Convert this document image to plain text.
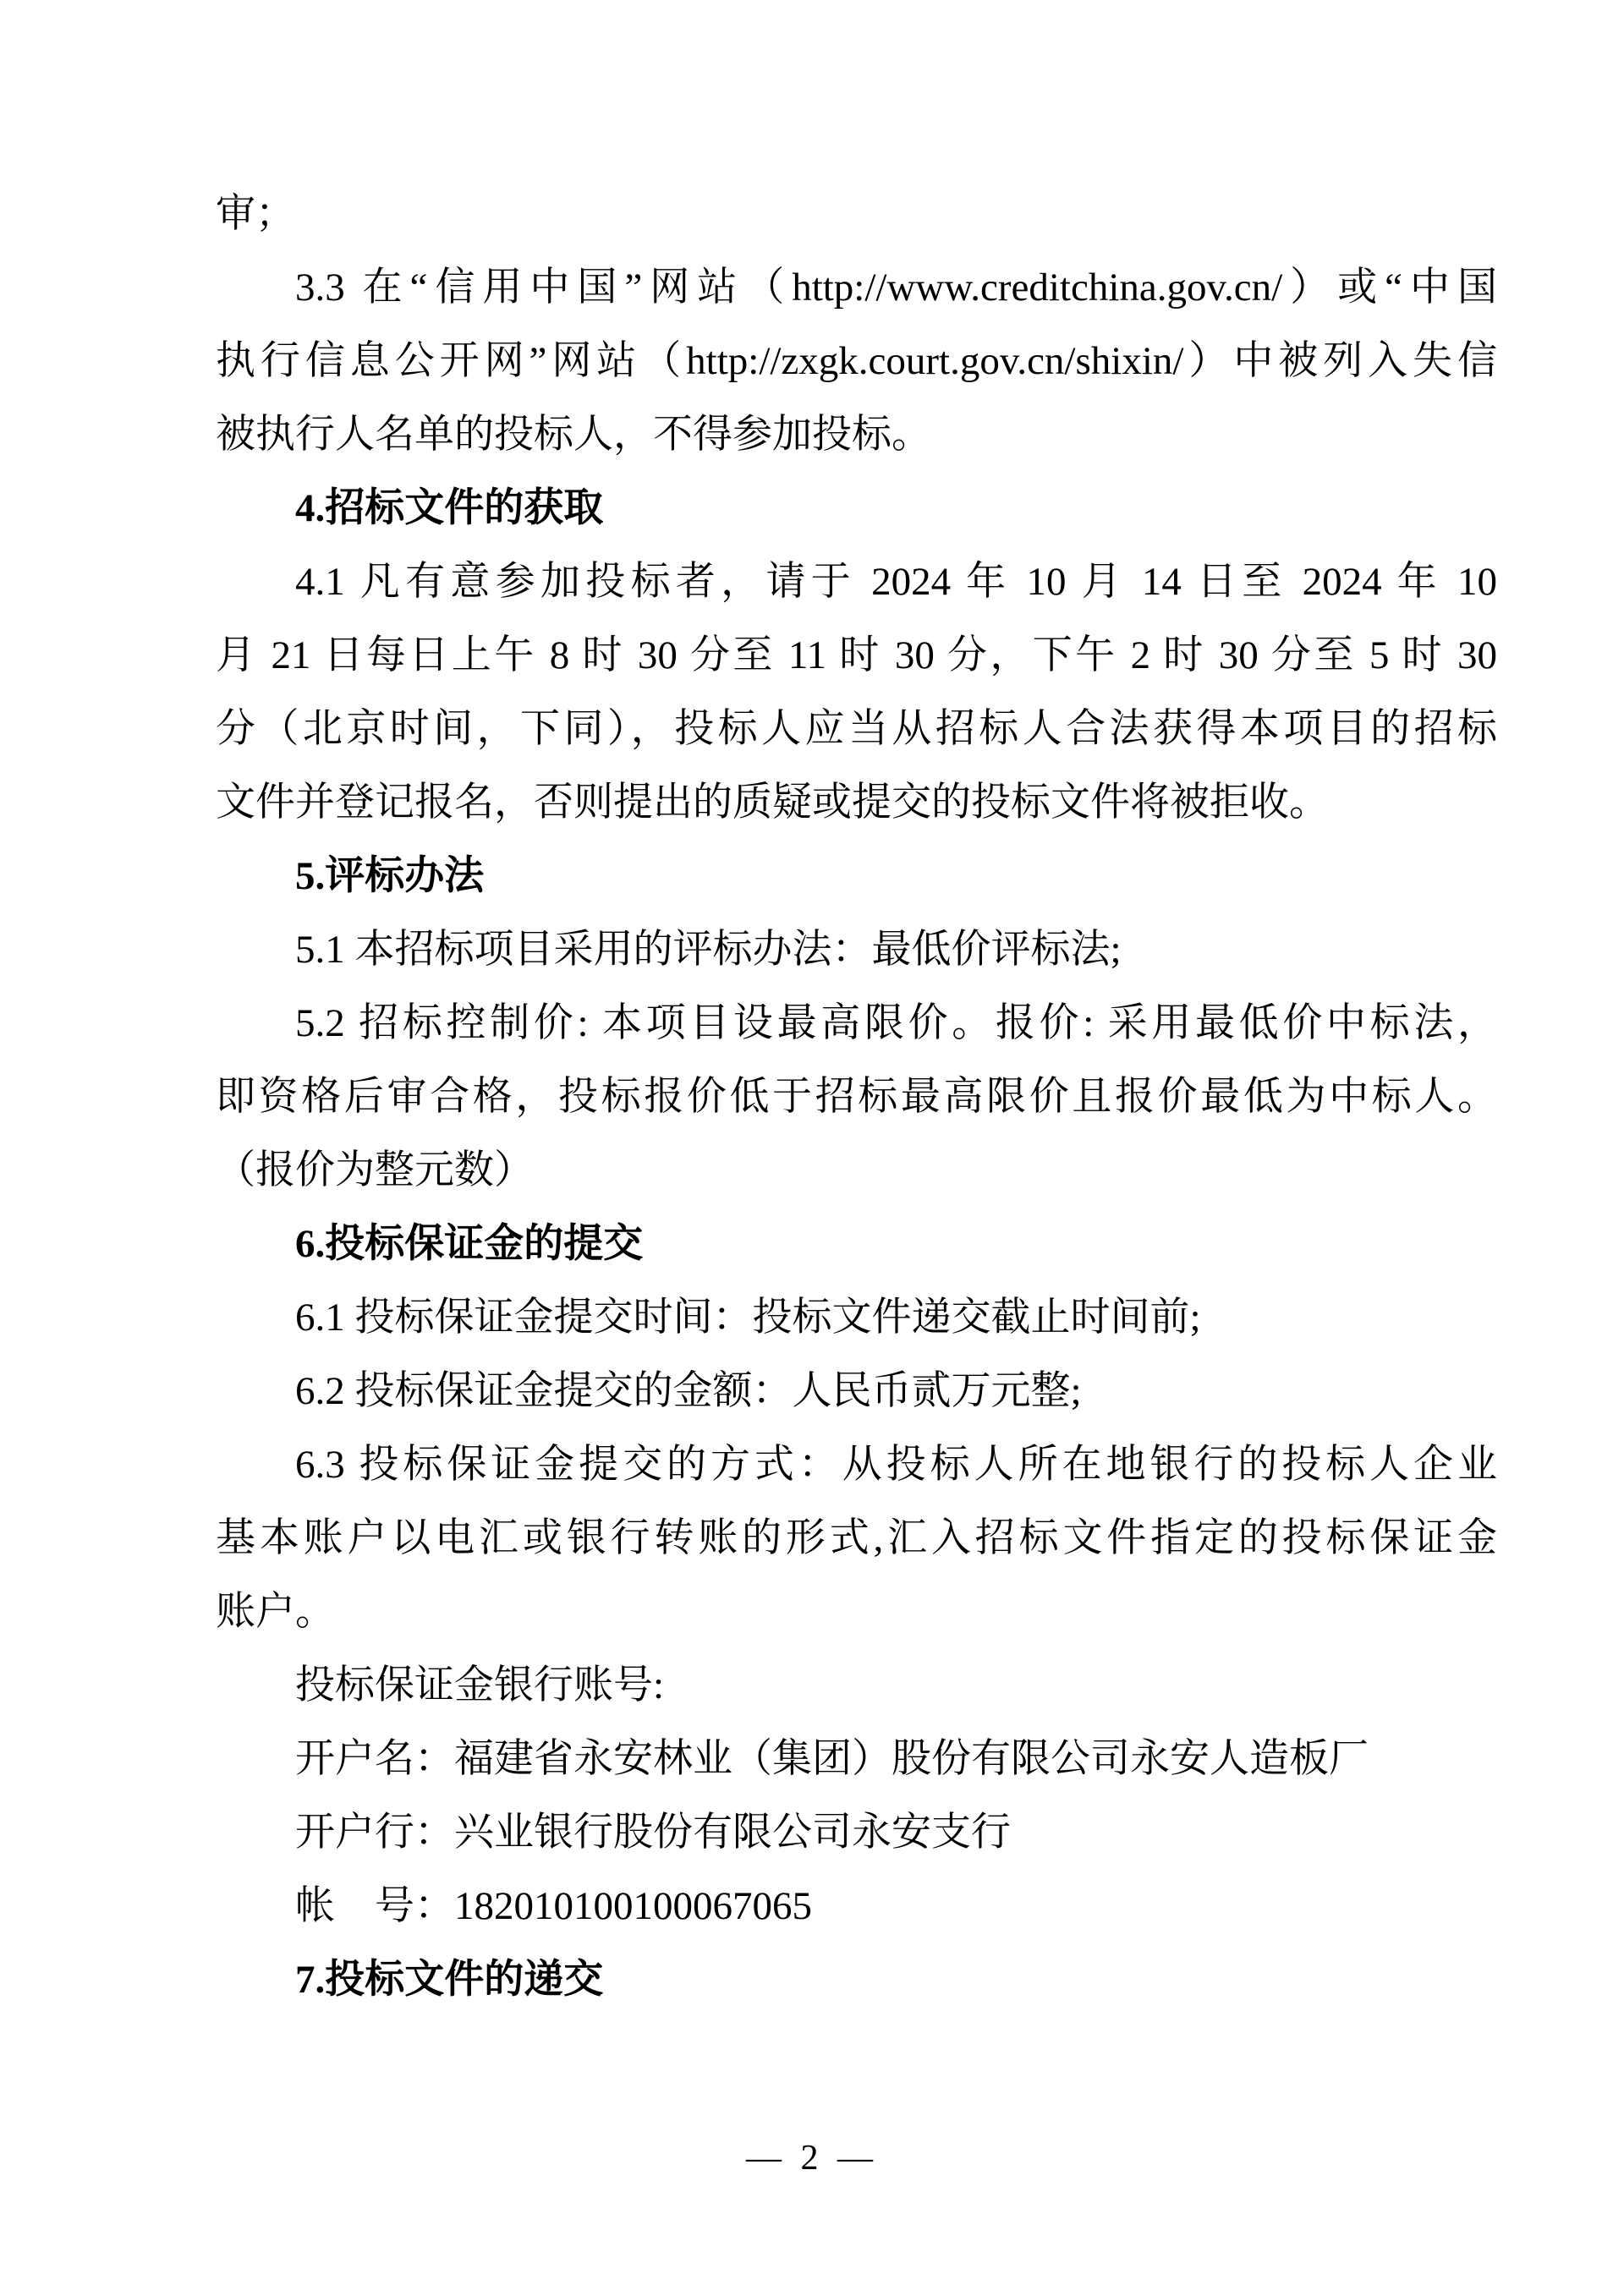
审；
3.3 在“信用中国”网站（http://www.creditchina.gov.cn/）或“中国
执行信息公开网”网站（http://zxgk.court.gov.cn/shixin/）中被列入失信
被执行人名单的投标人，不得参加投标。
4.招标文件的获取
4.1 凡有意参加投标者，请于 2024 年 10 月 14 日至 2024 年 10
月 21 日每日上午 8 时 30 分至 11 时 30 分，下午 2 时 30 分至 5 时 30
分（北京时间，下同），投标人应当从招标人合法获得本项目的招标
文件并登记报名，否则提出的质疑或提交的投标文件将被拒收。
5.评标办法
5.1 本招标项目采用的评标办法：最低价评标法;
5.2 招标控制价: 本项目设最高限价。报价: 采用最低价中标法，
即资格后审合格，投标报价低于招标最高限价且报价最低为中标人。
（报价为整元数）
6.投标保证金的提交
6.1 投标保证金提交时间：投标文件递交截止时间前;
6.2 投标保证金提交的金额：人民币贰万元整;
6.3 投标保证金提交的方式：从投标人所在地银行的投标人企业
基本账户以电汇或银行转账的形式,汇入招标文件指定的投标保证金
账户。
投标保证金银行账号:
开户名：福建省永安林业（集团）股份有限公司永安人造板厂
开户行：兴业银行股份有限公司永安支行
帐　号：182010100100067065
7.投标文件的递交
— 2 —
